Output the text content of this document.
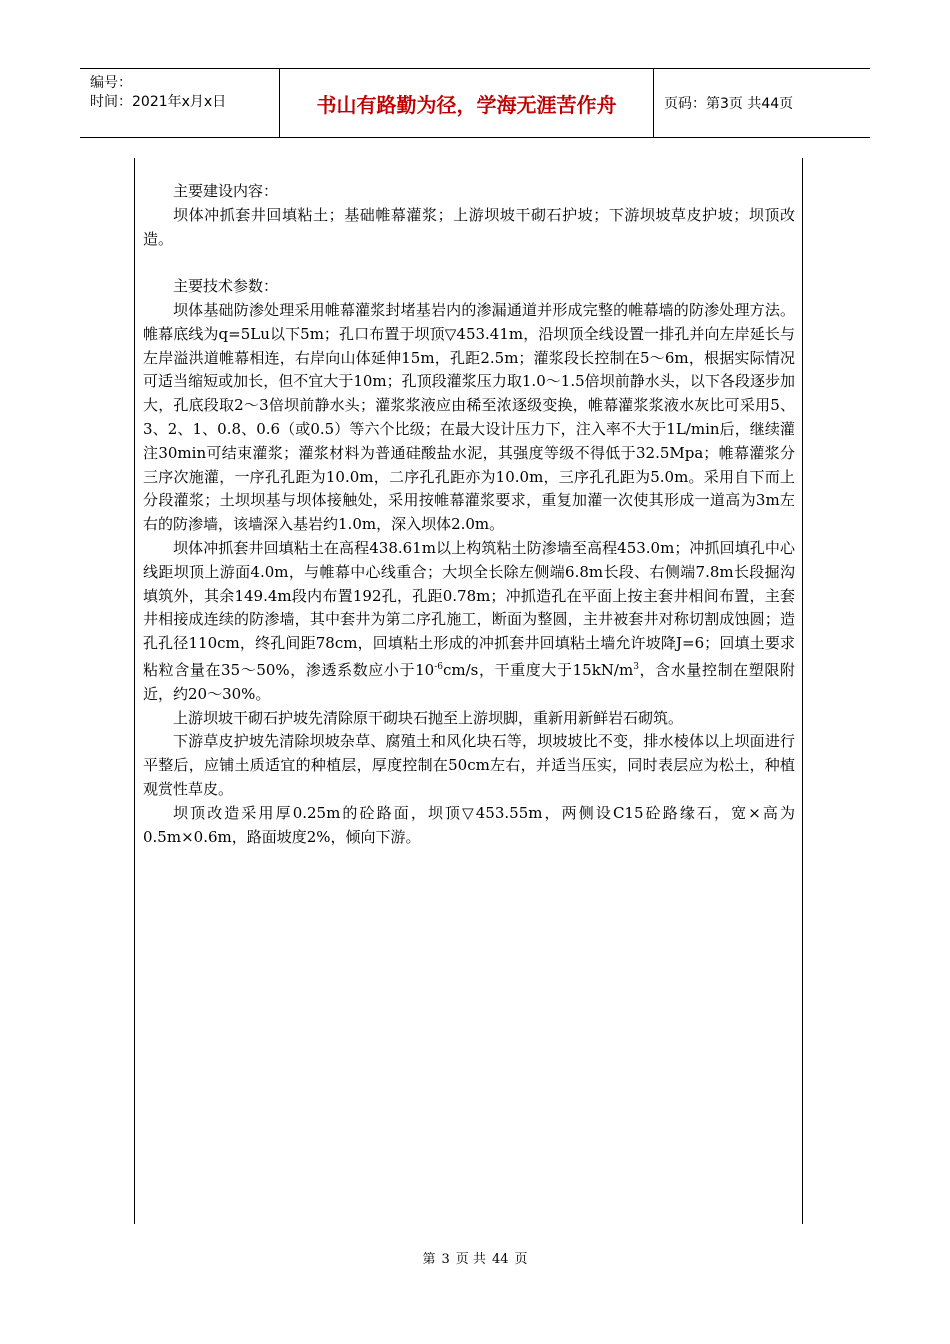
编号：
时间：2021年x月x日	书山有路勤为径，学海无涯苦作舟	页码：第3页 共44页

主要建设内容：

坝体冲抓套井回填粘土；基础帷幕灌浆；上游坝坡干砌石护坡；下游坝坡草皮护坡；坝顶改造。

主要技术参数：

坝体基础防渗处理采用帷幕灌浆封堵基岩内的渗漏通道并形成完整的帷幕墙的防渗处理方法。帷幕底线为q=5Lu以下5m；孔口布置于坝顶▽453.41m，沿坝顶全线设置一排孔并向左岸延长与左岸溢洪道帷幕相连，右岸向山体延伸15m，孔距2.5m；灌浆段长控制在5～6m，根据实际情况可适当缩短或加长，但不宜大于10m；孔顶段灌浆压力取1.0～1.5倍坝前静水头，以下各段逐步加大，孔底段取2～3倍坝前静水头；灌浆浆液应由稀至浓逐级变换，帷幕灌浆浆液水灰比可采用5、3、2、1、0.8、0.6（或0.5）等六个比级；在最大设计压力下，注入率不大于1L/min后，继续灌注30min可结束灌浆；灌浆材料为普通硅酸盐水泥，其强度等级不得低于32.5Mpa；帷幕灌浆分三序次施灌，一序孔孔距为10.0m，二序孔孔距亦为10.0m，三序孔孔距为5.0m。采用自下而上分段灌浆；土坝坝基与坝体接触处，采用按帷幕灌浆要求，重复加灌一次使其形成一道高为3m左右的防渗墙，该墙深入基岩约1.0m，深入坝体2.0m。

坝体冲抓套井回填粘土在高程438.61m以上构筑粘土防渗墙至高程453.0m；冲抓回填孔中心线距坝顶上游面4.0m，与帷幕中心线重合；大坝全长除左侧端6.8m长段、右侧端7.8m长段掘沟填筑外，其余149.4m段内布置192孔，孔距0.78m；冲抓造孔在平面上按主套井相间布置，主套井相接成连续的防渗墙，其中套井为第二序孔施工，断面为整圆，主井被套井对称切割成蚀圆；造孔孔径110cm，终孔间距78cm，回填粘土形成的冲抓套井回填粘土墙允许坡降J=6；回填土要求粘粒含量在35～50%，渗透系数应小于$10^{-6}cm/s$，干重度大于$15kN/m^3$，含水量控制在塑限附近，约20～30%。

上游坝坡干砌石护坡先清除原干砌块石抛至上游坝脚，重新用新鲜岩石砌筑。

下游草皮护坡先清除坝坡杂草、腐殖土和风化块石等，坝坡坡比不变，排水棱体以上坝面进行平整后，应铺土质适宜的种植层，厚度控制在50cm左右，并适当压实，同时表层应为松土，种植观赏性草皮。

坝顶改造采用厚0.25m的砼路面，坝顶▽453.55m，两侧设C15砼路缘石，宽×高为0.5m×0.6m，路面坡度2%，倾向下游。

第 3 页 共 44 页
